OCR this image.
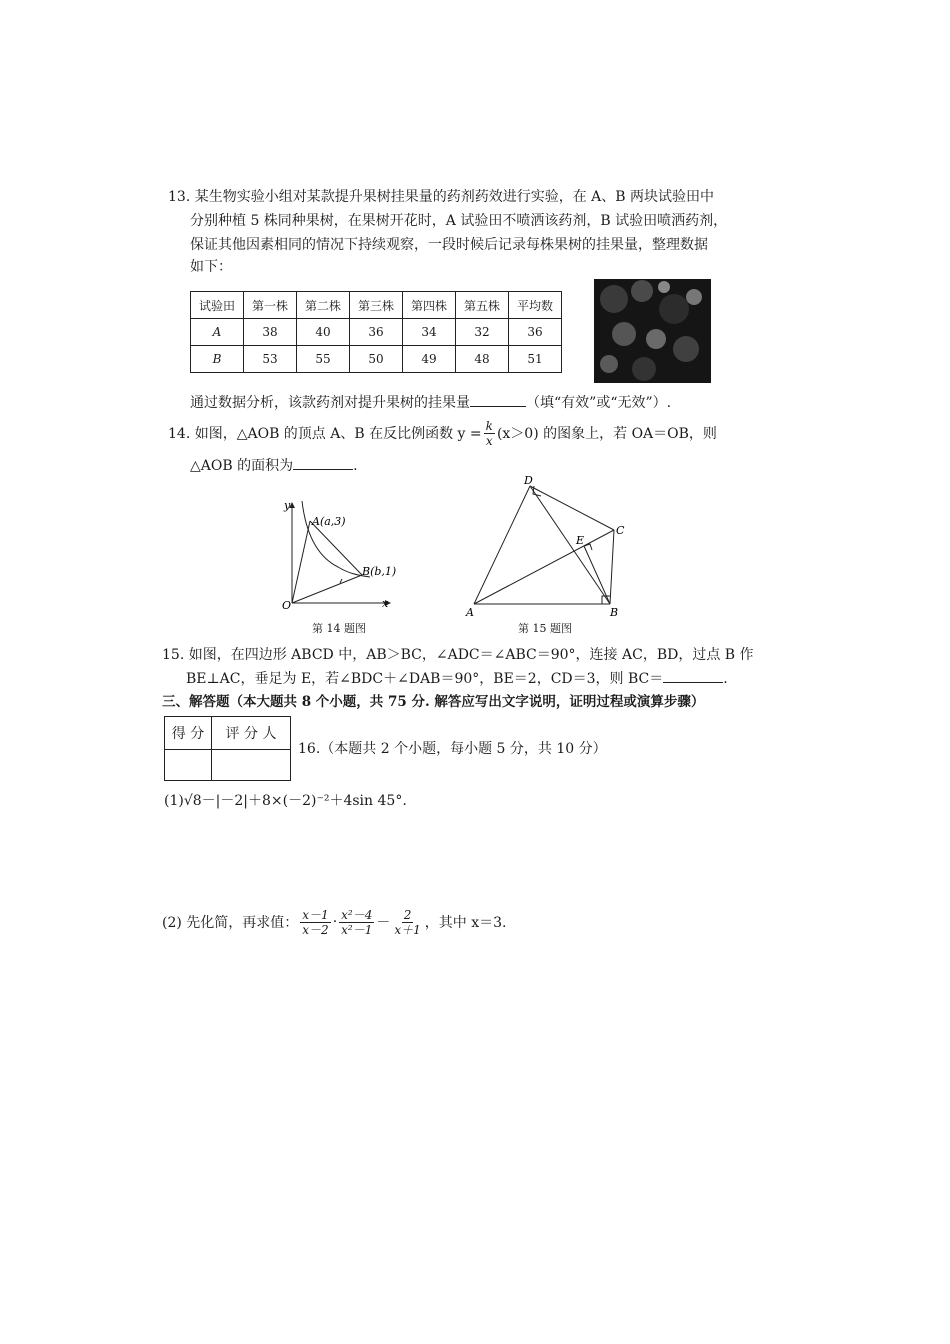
13. 某生物实验小组对某款提升果树挂果量的药剂药效进行实验，在 A、B 两块试验田中
分别种植 5 株同种果树，在果树开花时，A 试验田不喷洒该药剂，B 试验田喷洒药剂，
保证其他因素相同的情况下持续观察，一段时候后记录每株果树的挂果量，整理数据
如下：
试验田	第一株	第二株	第三株	第四株	第五株	平均数
A	38	40	36	34	32	36
B	53	55	50	49	48	51
通过数据分析，该款药剂对提升果树的挂果量	（填“有效”或“无效”）.
14. 如图，△AOB 的顶点 A、B 在反比例函数 $y = \frac{k}{x} (x>0)$ 的图象上，若 OA＝OB，则
△AOB 的面积为	.
y
x
O
A(a,3)
B(b,1)
第 14 题图
D
C
E
A	B
第 15 题图
15. 如图，在四边形 ABCD 中，AB＞BC，∠ADC＝∠ABC＝90°，连接 AC，BD，过点 B 作
BE⊥AC，垂足为 E，若∠BDC＋∠DAB＝90°，BE＝2，CD＝3，则 BC＝	.
三、解答题（本大题共 8 个小题，共 75 分. 解答应写出文字说明，证明过程或演算步骤）
得 分	评 分 人

16.（本题共 2 个小题，每小题 5 分，共 10 分）
(1)√8－|－2|＋8×(－2)⁻²＋4sin 45°.
(2) 先化简，再求值： $\frac{x-1}{x-2} \cdot \frac{\text{x²－4}}{\text{x²－1}} - \frac{2}{x+1}$ ，其中 x＝3.
